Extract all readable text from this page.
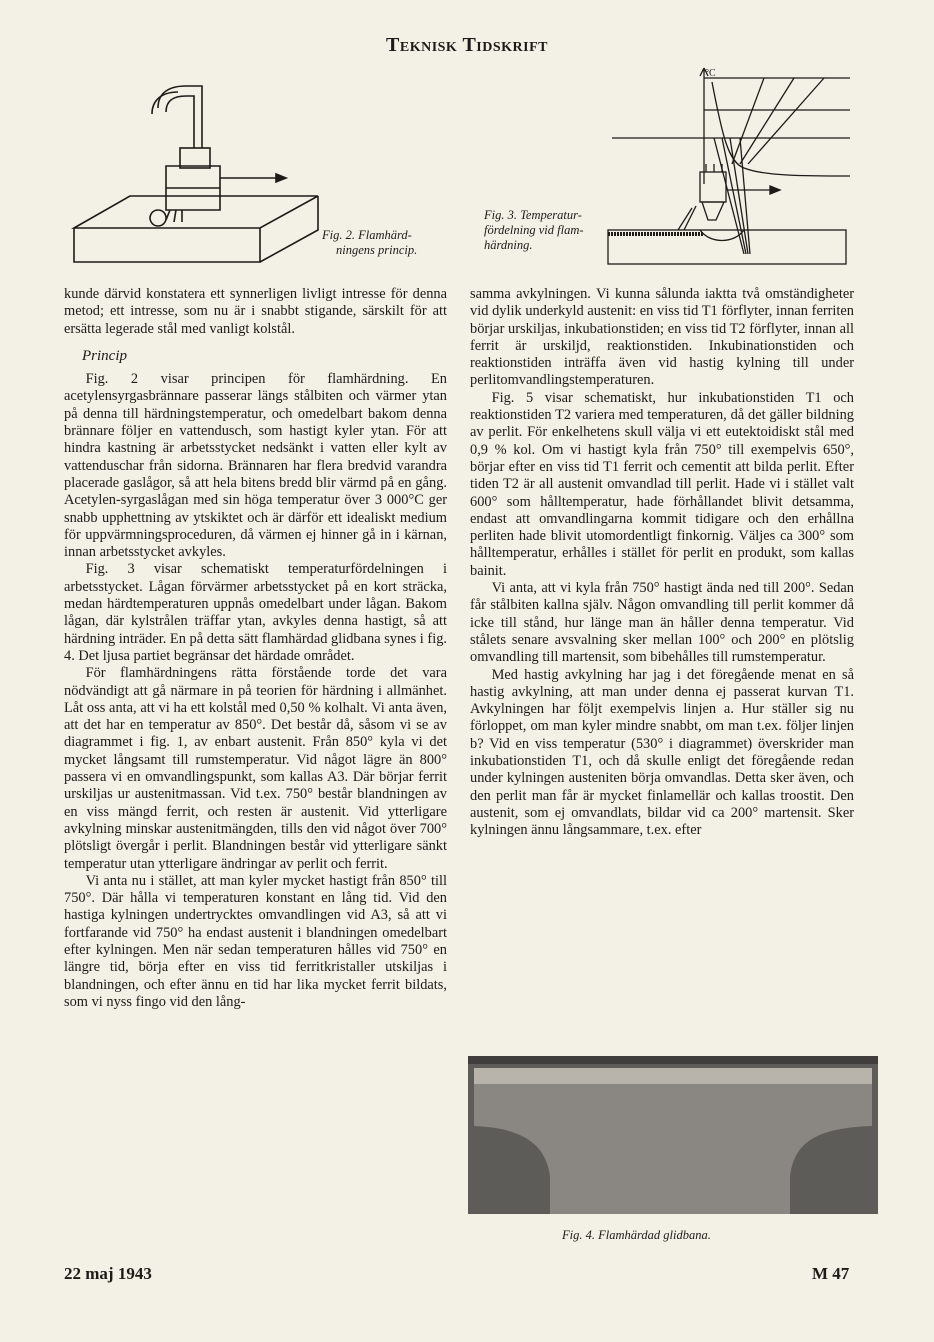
Teknisk Tidskrift
Fig. 2. Flamhärd-
ningens princip.
Fig. 3. Temperatur-
fördelning vid flam-
härdning.
°C

kunde därvid konstatera ett synnerligen livligt intresse för denna metod; ett intresse, som nu är i snabbt stigande, särskilt för att ersätta legerade stål med vanligt kolstål.

Princip

Fig. 2 visar principen för flamhärdning. En acetylensyrgasbrännare passerar längs stålbiten och värmer ytan på denna till härdningstemperatur, och omedelbart bakom denna brännare följer en vattendusch, som hastigt kyler ytan. För att hindra kastning är arbetsstycket nedsänkt i vatten eller kylt av vattenduschar från sidorna. Brännaren har flera bredvid varandra placerade gaslågor, så att hela bitens bredd blir värmd på en gång. Acetylen-syrgaslågan med sin höga temperatur över 3 000°C ger snabb upphettning av ytskiktet och är därför ett idealiskt medium för uppvärmningsproceduren, då värmen ej hinner gå in i kärnan, innan arbetsstycket avkyles.

Fig. 3 visar schematiskt temperaturfördelningen i arbetsstycket. Lågan förvärmer arbetsstycket på en kort sträcka, medan härdtemperaturen uppnås omedelbart under lågan. Bakom lågan, där kylstrålen träffar ytan, avkyles denna hastigt, så att härdning inträder. En på detta sätt flamhärdad glidbana synes i fig. 4. Det ljusa partiet begränsar det härdade området.

För flamhärdningens rätta förstående torde det vara nödvändigt att gå närmare in på teorien för härdning i allmänhet. Låt oss anta, att vi ha ett kolstål med 0,50 % kolhalt. Vi anta även, att det har en temperatur av 850°. Det består då, såsom vi se av diagrammet i fig. 1, av enbart austenit. Från 850° kyla vi det mycket långsamt till rumstemperatur. Vid något lägre än 800° passera vi en omvandlingspunkt, som kallas A3. Där börjar ferrit urskiljas ur austenitmassan. Vid t.ex. 750° består blandningen av en viss mängd ferrit, och resten är austenit. Vid ytterligare avkylning minskar austenitmängden, tills den vid något över 700° plötsligt övergår i perlit. Blandningen består vid ytterligare sänkt temperatur utan ytterligare ändringar av perlit och ferrit.

Vi anta nu i stället, att man kyler mycket hastigt från 850° till 750°. Där hålla vi temperaturen konstant en lång tid. Vid den hastiga kylningen undertrycktes omvandlingen vid A3, så att vi fortfarande vid 750° ha endast austenit i blandningen omedelbart efter kylningen. Men när sedan temperaturen hålles vid 750° en längre tid, börja efter en viss tid ferritkristaller utskiljas i blandningen, och efter ännu en tid har lika mycket ferrit bildats, som vi nyss fingo vid den lång-

samma avkylningen. Vi kunna sålunda iaktta två omständigheter vid dylik underkyld austenit: en viss tid T1 förflyter, innan ferriten börjar urskiljas, inkubationstiden; en viss tid T2 förflyter, innan all ferrit är urskiljd, reaktionstiden. Inkubinationstiden och reaktionstiden inträffa även vid hastig kylning till under perlitomvandlingstemperaturen.

Fig. 5 visar schematiskt, hur inkubationstiden T1 och reaktionstiden T2 variera med temperaturen, då det gäller bildning av perlit. För enkelhetens skull välja vi ett eutektoidiskt stål med 0,9 % kol. Om vi hastigt kyla från 750° till exempelvis 650°, börjar efter en viss tid T1 ferrit och cementit att bilda perlit. Efter tiden T2 är all austenit omvandlad till perlit. Hade vi i stället valt 600° som hålltemperatur, hade förhållandet blivit detsamma, endast att omvandlingarna kommit tidigare och den erhållna perliten hade blivit utomordentligt finkornig. Väljes ca 300° som hålltemperatur, erhålles i stället för perlit en produkt, som kallas bainit.

Vi anta, att vi kyla från 750° hastigt ända ned till 200°. Sedan får stålbiten kallna själv. Någon omvandling till perlit kommer då icke till stånd, hur länge man än håller denna temperatur. Vid stålets senare avsvalning sker mellan 100° och 200° en plötslig omvandling till martensit, som bibehålles till rumstemperatur.

Med hastig avkylning har jag i det föregående menat en så hastig avkylning, att man under denna ej passerat kurvan T1. Avkylningen har följt exempelvis linjen a. Hur ställer sig nu förloppet, om man kyler mindre snabbt, om man t.ex. följer linjen b? Vid en viss temperatur (530° i diagrammet) överskrider man inkubationstiden T1, och då skulle enligt det föregående redan under kylningen austeniten börja omvandlas. Detta sker även, och den perlit man får är mycket finlamellär och kallas troostit. Den austenit, som ej omvandlats, bildar vid ca 200° martensit. Sker kylningen ännu långsammare, t.ex. efter

Fig. 4. Flamhärdad glidbana.
22 maj 1943	M 47
